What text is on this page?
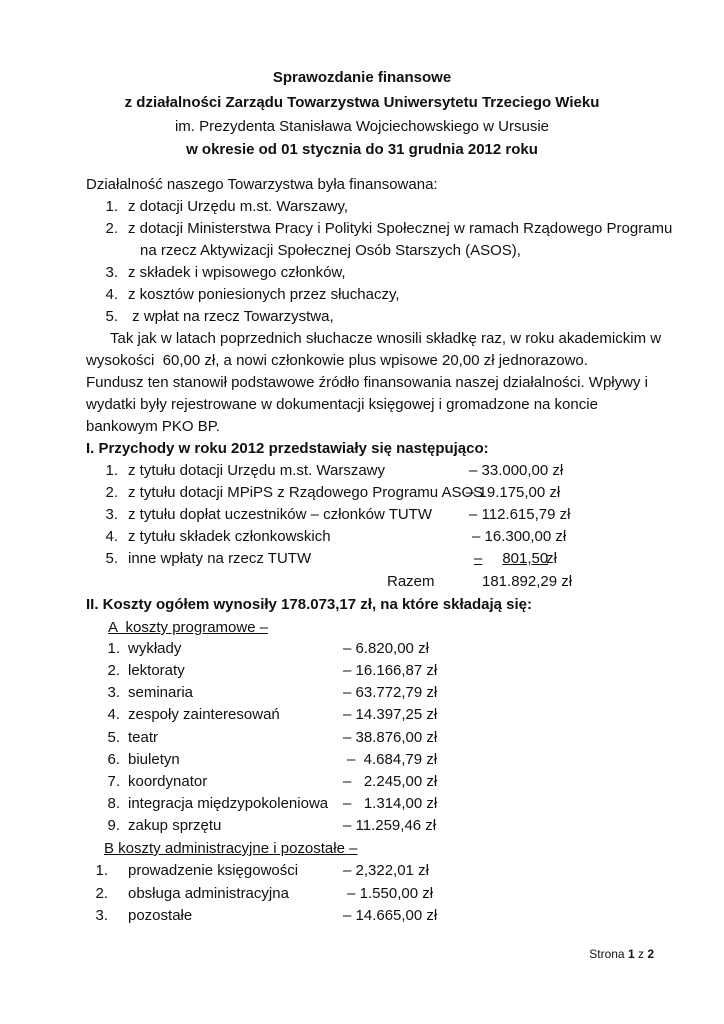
Sprawozdanie finansowe
z działalności Zarządu Towarzystwa Uniwersytetu Trzeciego Wieku
im. Prezydenta Stanisława Wojciechowskiego w Ursusie
w okresie od 01 stycznia do 31 grudnia 2012 roku
Działalność naszego Towarzystwa była finansowana:
1. z dotacji Urzędu m.st. Warszawy,
2. z dotacji Ministerstwa Pracy i Polityki Społecznej w ramach Rządowego Programu
na rzecz Aktywizacji Społecznej Osób Starszych (ASOS),
3. z składek i wpisowego członków,
4. z kosztów poniesionych przez słuchaczy,
5. z wpłat na rzecz Towarzystwa,
Tak jak w latach poprzednich słuchacze wnosili składkę raz, w roku akademickim w
wysokości  60,00 zł, a nowi członkowie plus wpisowe 20,00 zł jednorazowo.
Fundusz ten stanowił podstawowe źródło finansowania naszej działalności. Wpływy i
wydatki były rejestrowane w dokumentacji księgowej i gromadzone na koncie
bankowym PKO BP.
I. Przychody w roku 2012 przedstawiały się następująco:
1. z tytułu dotacji Urzędu m.st. Warszawy	– 33.000,00 zł
2. z tytułu dotacji MPiPS z Rządowego Programu ASOS
– 19.175,00 zł
3. z tytułu dopłat uczestników – członków TUTW – 112.615,79 zł
4. z tytułu składek członkowskich	– 16.300,00 zł
5. inne wpłaty na rzecz TUTW	– 801,50 zł
Razem	181.892,29 zł
II. Koszty ogółem wynosiły 178.073,17 zł, na które składają się:
A  koszty programowe –
1. wykłady	– 6.820,00 zł
2. lektoraty	– 16.166,87 zł
3. seminaria	– 63.772,79 zł
4. zespoły zainteresowań	– 14.397,25 zł
5. teatr	– 38.876,00 zł
6. biuletyn	–  4.684,79 zł
7. koordynator	–   2.245,00 zł
8. integracja międzypokoleniowa –   1.314,00 zł
9. zakup sprzętu	– 11.259,46 zł
B koszty administracyjne i pozostałe –
1. prowadzenie księgowości	– 2,322,01 zł
2. obsługa administracyjna	– 1.550,00 zł
3. pozostałe	– 14.665,00 zł
Strona 1 z 2
